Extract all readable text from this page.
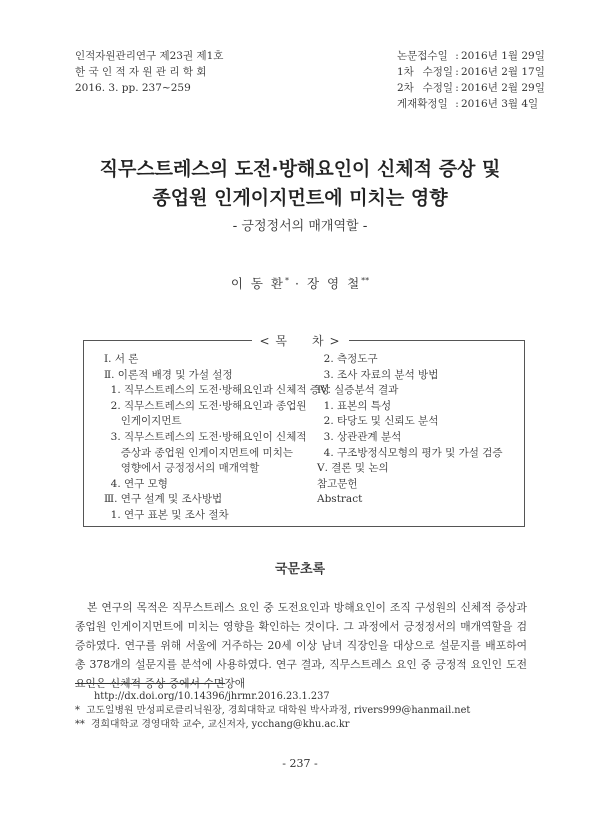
인적자원관리연구 제23권 제1호
한 국 인 적 자 원 관 리 학 회
2016. 3. pp. 237∼259
논문접수일 : 2016년 1월 29일
1차 수정일 : 2016년 2월 17일
2차 수정일 : 2016년 2월 29일
게재확정일 : 2016년 3월 4일
직무스트레스의 도전·방해요인이 신체적 증상 및
종업원 인게이지먼트에 미치는 영향
- 긍정정서의 매개역할 -
이 동 환* · 장 영 철**
< 목     차 >
Ⅰ. 서 론
Ⅱ. 이론적 배경 및 가설 설정
1. 직무스트레스의 도전·방해요인과 신체적 증상
2. 직무스트레스의 도전·방해요인과 종업원
인게이지먼트
3. 직무스트레스의 도전·방해요인이 신체적
증상과 종업원 인게이지먼트에 미치는
영향에서 긍정정서의 매개역할
4. 연구 모형
Ⅲ. 연구 설계 및 조사방법
1. 연구 표본 및 조사 절차
2. 측정도구
3. 조사 자료의 분석 방법
Ⅳ. 실증분석 결과
1. 표본의 특성
2. 타당도 및 신뢰도 분석
3. 상관관계 분석
4. 구조방정식모형의 평가 및 가설 검증
Ⅴ. 결론 및 논의
참고문헌
Abstract
국문초록
본 연구의 목적은 직무스트레스 요인 중 도전요인과 방해요인이 조직 구성원의 신체적 증상과 종업원 인게이지먼트에 미치는 영향을 확인하는 것이다. 그 과정에서 긍정정서의 매개역할을 검증하였다. 연구를 위해 서울에 거주하는 20세 이상 남녀 직장인을 대상으로 설문지를 배포하여 총 378개의 설문지를 분석에 사용하였다. 연구 결과, 직무스트레스 요인 중 긍정적 요인인 도전요인은 신체적 증상 중에서 수면장애
http://dx.doi.org/10.14396/jhrmr.2016.23.1.237
*  고도일병원 만성피로클리닉원장, 경희대학교 대학원 박사과정, rivers999@hanmail.net
**  경희대학교 경영대학 교수, 교신저자, ycchang@khu.ac.kr
- 237 -
